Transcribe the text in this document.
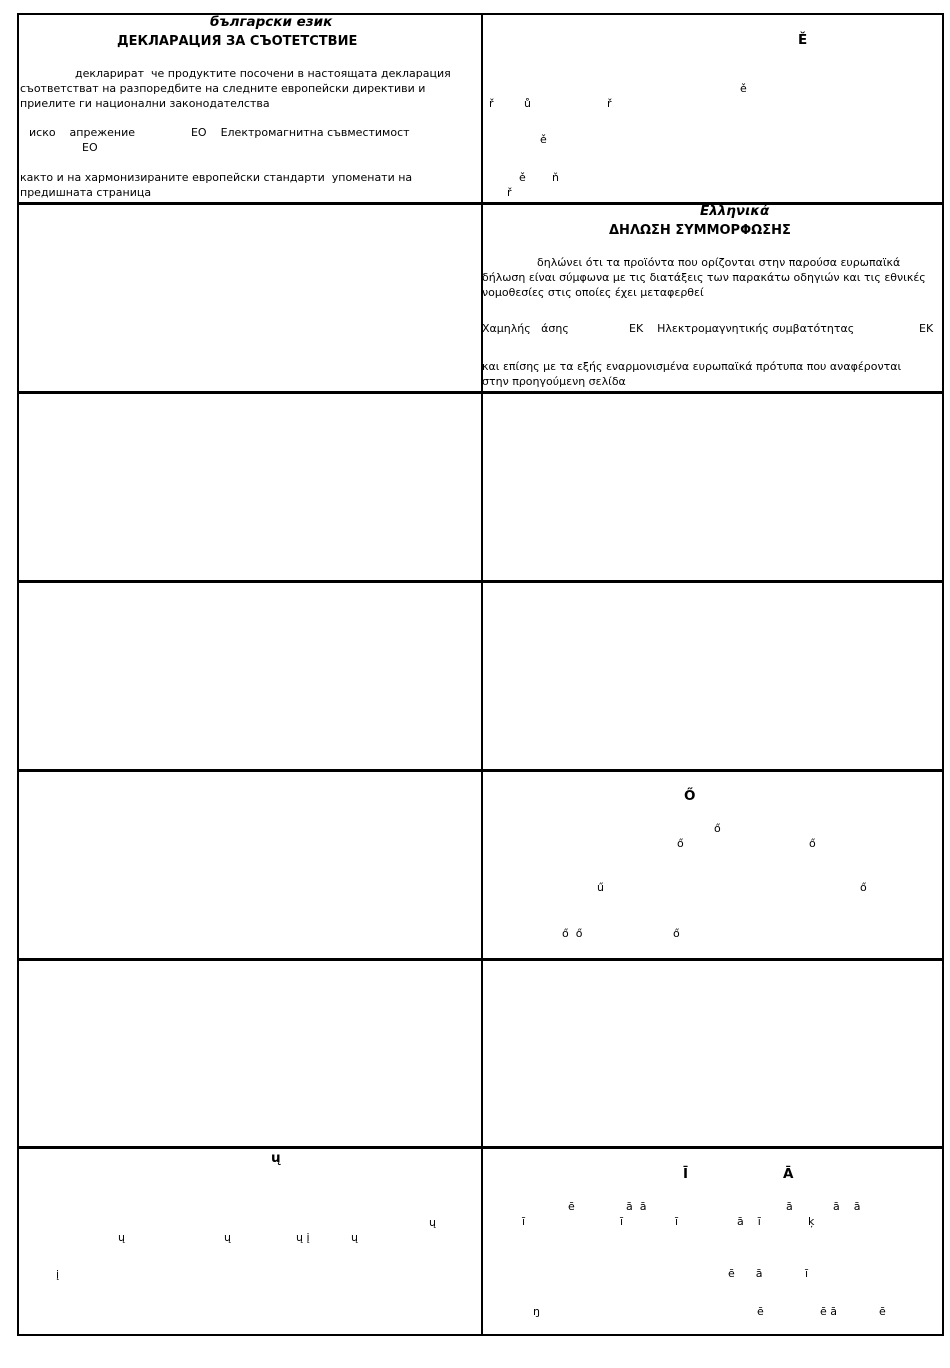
български език
ДЕКЛАРАЦИЯ ЗА СЪОТЕТСТВИЕ
декларират  че продуктите посочени в настоящата декларация
съответстват на разпоредбите на следните европейски директиви и
приелите ги национални законодателства
иско    апрежение                ЕО    Електромагнитна съвместимост
ЕО
както и на хармонизираните европейски стандарти  упоменати на
предишната страница
Ě
ě
ř	ů	ř
ě
ě ň
ř
Ελληνικά
ΔΗΛΩΣΗ ΣΥΜΜΟΡΦΩΣΗΣ
δηλώνει ότι τα προϊόντα που ορίζονται στην παρούσα ευρωπαϊκά
δήλωση είναι σύμφωνα με τις διατάξεις των παρακάτω οδηγιών και τις εθνικές
νομοθεσίες στις οποίες έχει μεταφερθεί
Χαμηλής   άσης	ΕΚ    Ηλεκτρομαγνητικής συμβατότητας	ΕΚ
και επίσης με τα εξής εναρμονισμένα ευρωπαϊκά πρότυπα που αναφέρονται
στην προηγούμενη σελίδα
Ő
ő
ő	ő
ű	ő
ő  ő	ő
ų
ų
ų	ų	ų į	ų
į
Ī	Ā
ē	ā  ā	ā	ā    ā
ī	ī	ī	ā    ī	ķ
ē      ā	ī
ŋ	ē	ē ā	ē
